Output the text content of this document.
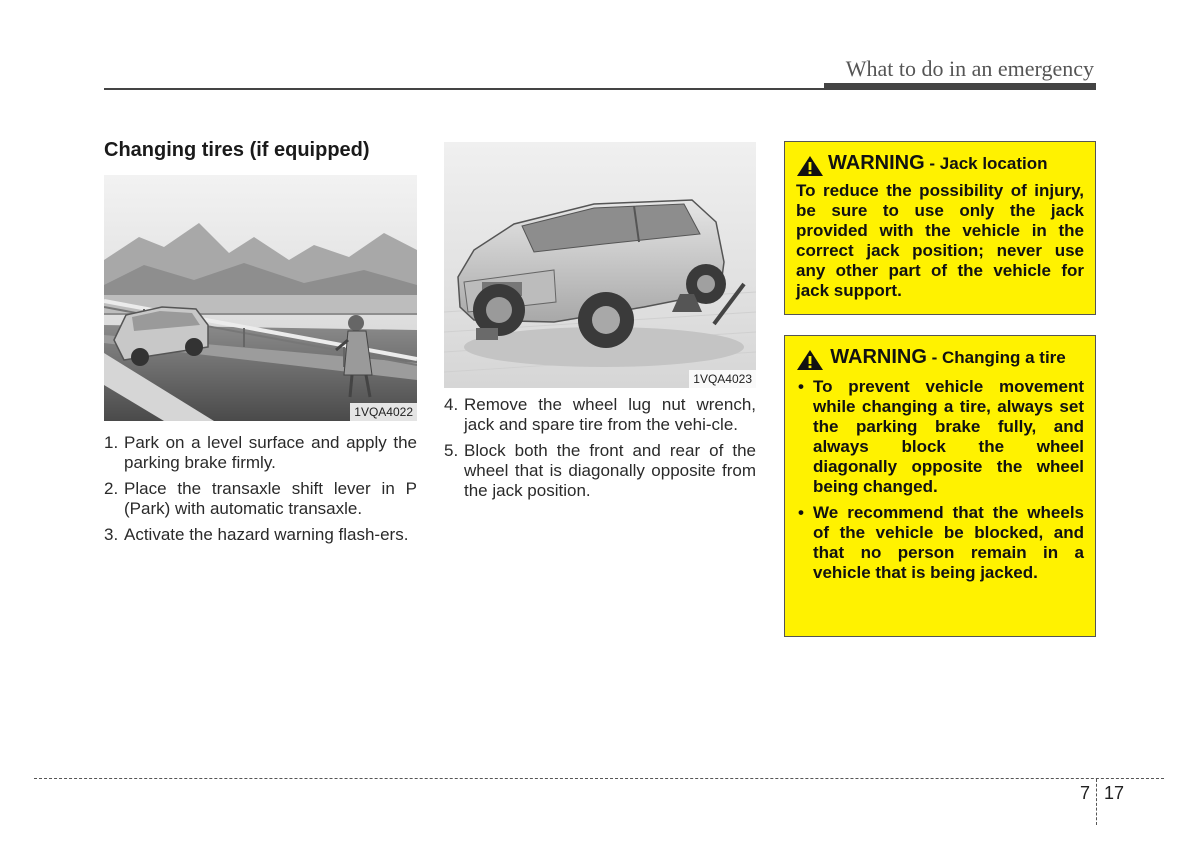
What to do in an emergency
Changing tires (if equipped)
1VQA4022
1VQA4023
1. Park on a level surface and apply the parking brake firmly.
2. Place the transaxle shift lever in P (Park) with automatic transaxle.
3. Activate the hazard warning flash-ers.
4. Remove the wheel lug nut wrench, jack and spare tire from the vehi-cle.
5. Block both the front and rear of the wheel that is diagonally opposite from the jack position.
WARNING - Jack location
To reduce the possibility of injury, be sure to use only the jack provided with the vehicle in the correct jack position; never use any other part of the vehicle for jack support.
WARNING - Changing a tire
• To prevent vehicle movement while changing a tire, always set the parking brake fully, and always block the wheel diagonally opposite the wheel being changed.
• We recommend that the wheels of the vehicle be blocked, and that no person remain in a vehicle that is being jacked.
7 17
